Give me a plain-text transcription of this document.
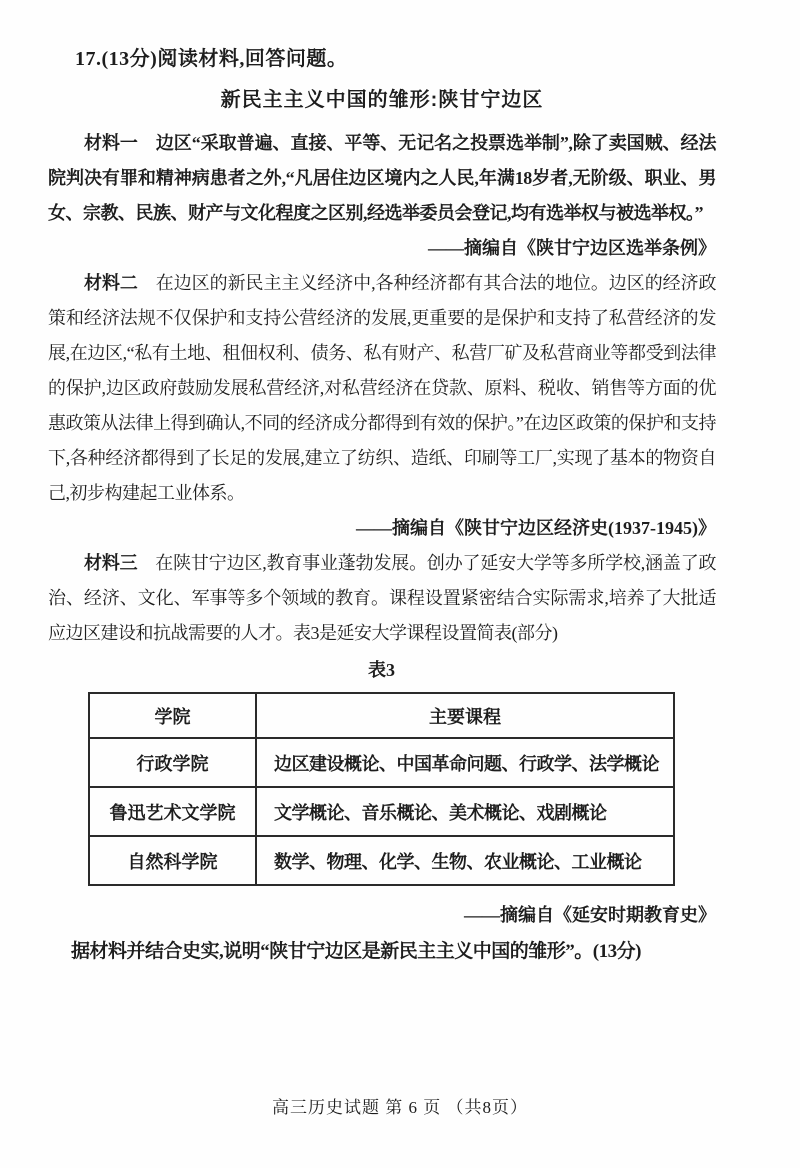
17.(13分)阅读材料,回答问题。
新民主主义中国的雏形:陕甘宁边区
材料一　 边区“采取普遍、直接、平等、无记名之投票选举制”,除了卖国贼、经法院判决有罪和精神病患者之外,“凡居住边区境内之人民,年满18岁者,无阶级、职业、男女、宗教、民族、财产与文化程度之区别,经选举委员会登记,均有选举权与被选举权。”
——摘编自《陕甘宁边区选举条例》
材料二　 在边区的新民主主义经济中,各种经济都有其合法的地位。边区的经济政策和经济法规不仅保护和支持公营经济的发展,更重要的是保护和支持了私营经济的发展,在边区,“私有土地、租佃权利、债务、私有财产、私营厂矿及私营商业等都受到法律的保护,边区政府鼓励发展私营经济,对私营经济在贷款、原料、税收、销售等方面的优惠政策从法律上得到确认,不同的经济成分都得到有效的保护。”在边区政策的保护和支持下,各种经济都得到了长足的发展,建立了纺织、造纸、印刷等工厂,实现了基本的物资自己,初步构建起工业体系。
——摘编自《陕甘宁边区经济史(1937-1945)》
材料三　 在陕甘宁边区,教育事业蓬勃发展。创办了延安大学等多所学校,涵盖了政治、经济、文化、军事等多个领域的教育。课程设置紧密结合实际需求,培养了大批适应边区建设和抗战需要的人才。表3是延安大学课程设置简表(部分)
表3
学院	主要课程
行政学院	边区建设概论、中国革命问题、行政学、法学概论
鲁迅艺术文学院	文学概论、音乐概论、美术概论、戏剧概论
自然科学院	数学、物理、化学、生物、农业概论、工业概论
——摘编自《延安时期教育史》
据材料并结合史实,说明“陕甘宁边区是新民主主义中国的雏形”。(13分)
高三历史试题 第 6 页 （共8页）
